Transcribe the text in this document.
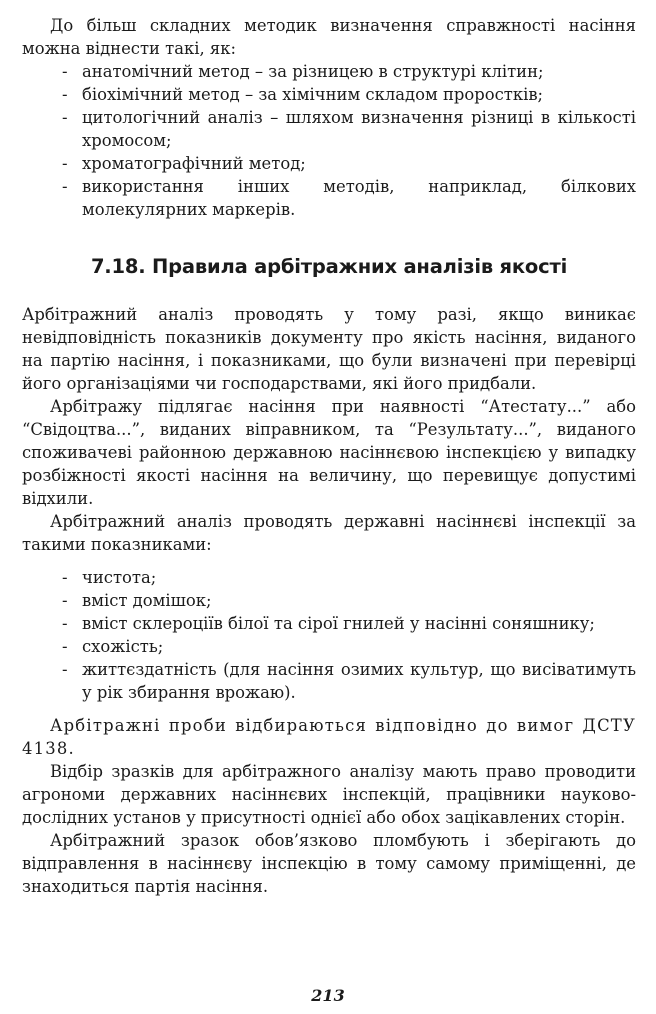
До більш складних методик визначення справжності насіння можна віднести такі, як:

- анатомічний метод – за різницею в структурі клітин;
- біохімічний метод – за хімічним складом проростків;
- цитологічний аналіз – шляхом визначення різниці в кількості хромосом;
- хроматографічний метод;
- використання інших методів, наприклад, білкових молекулярних маркерів.
7.18. Правила арбітражних аналізів якості

Арбітражний аналіз проводять у тому разі, якщо виникає невідповідність показників документу про якість насіння, виданого на партію насіння, і показниками, що були визначені при перевірці його організаціями чи господарствами, які його придбали.

Арбітражу підлягає насіння при наявності “Атестату...” або “Свідоцтва...”, виданих віправником, та “Результату...”, виданого споживачеві районною державною насіннєвою інспекцією у випадку розбіжності якості насіння на величину, що перевищує допустимі відхили.

Арбітражний аналіз проводять державні насіннєві інспекції за такими показниками:

- чистота;
- вміст домішок;
- вміст склероціїв білої та сірої гнилей у насінні соняшнику;
- схожість;
- життєздатність (для насіння озимих культур, що висіватимуть у рік збирання врожаю).

Арбітражні проби відбираються відповідно до вимог ДСТУ 4138.

Відбір зразків для арбітражного аналізу мають право проводити агрономи державних насіннєвих інспекцій, працівники науково-дослідних установ у присутності однієї або обох зацікавлених сторін.

Арбітражний зразок обов’язково пломбують і зберігають до відправлення в насіннєву інспекцію в тому самому приміщенні, де знаходиться партія насіння.

213
